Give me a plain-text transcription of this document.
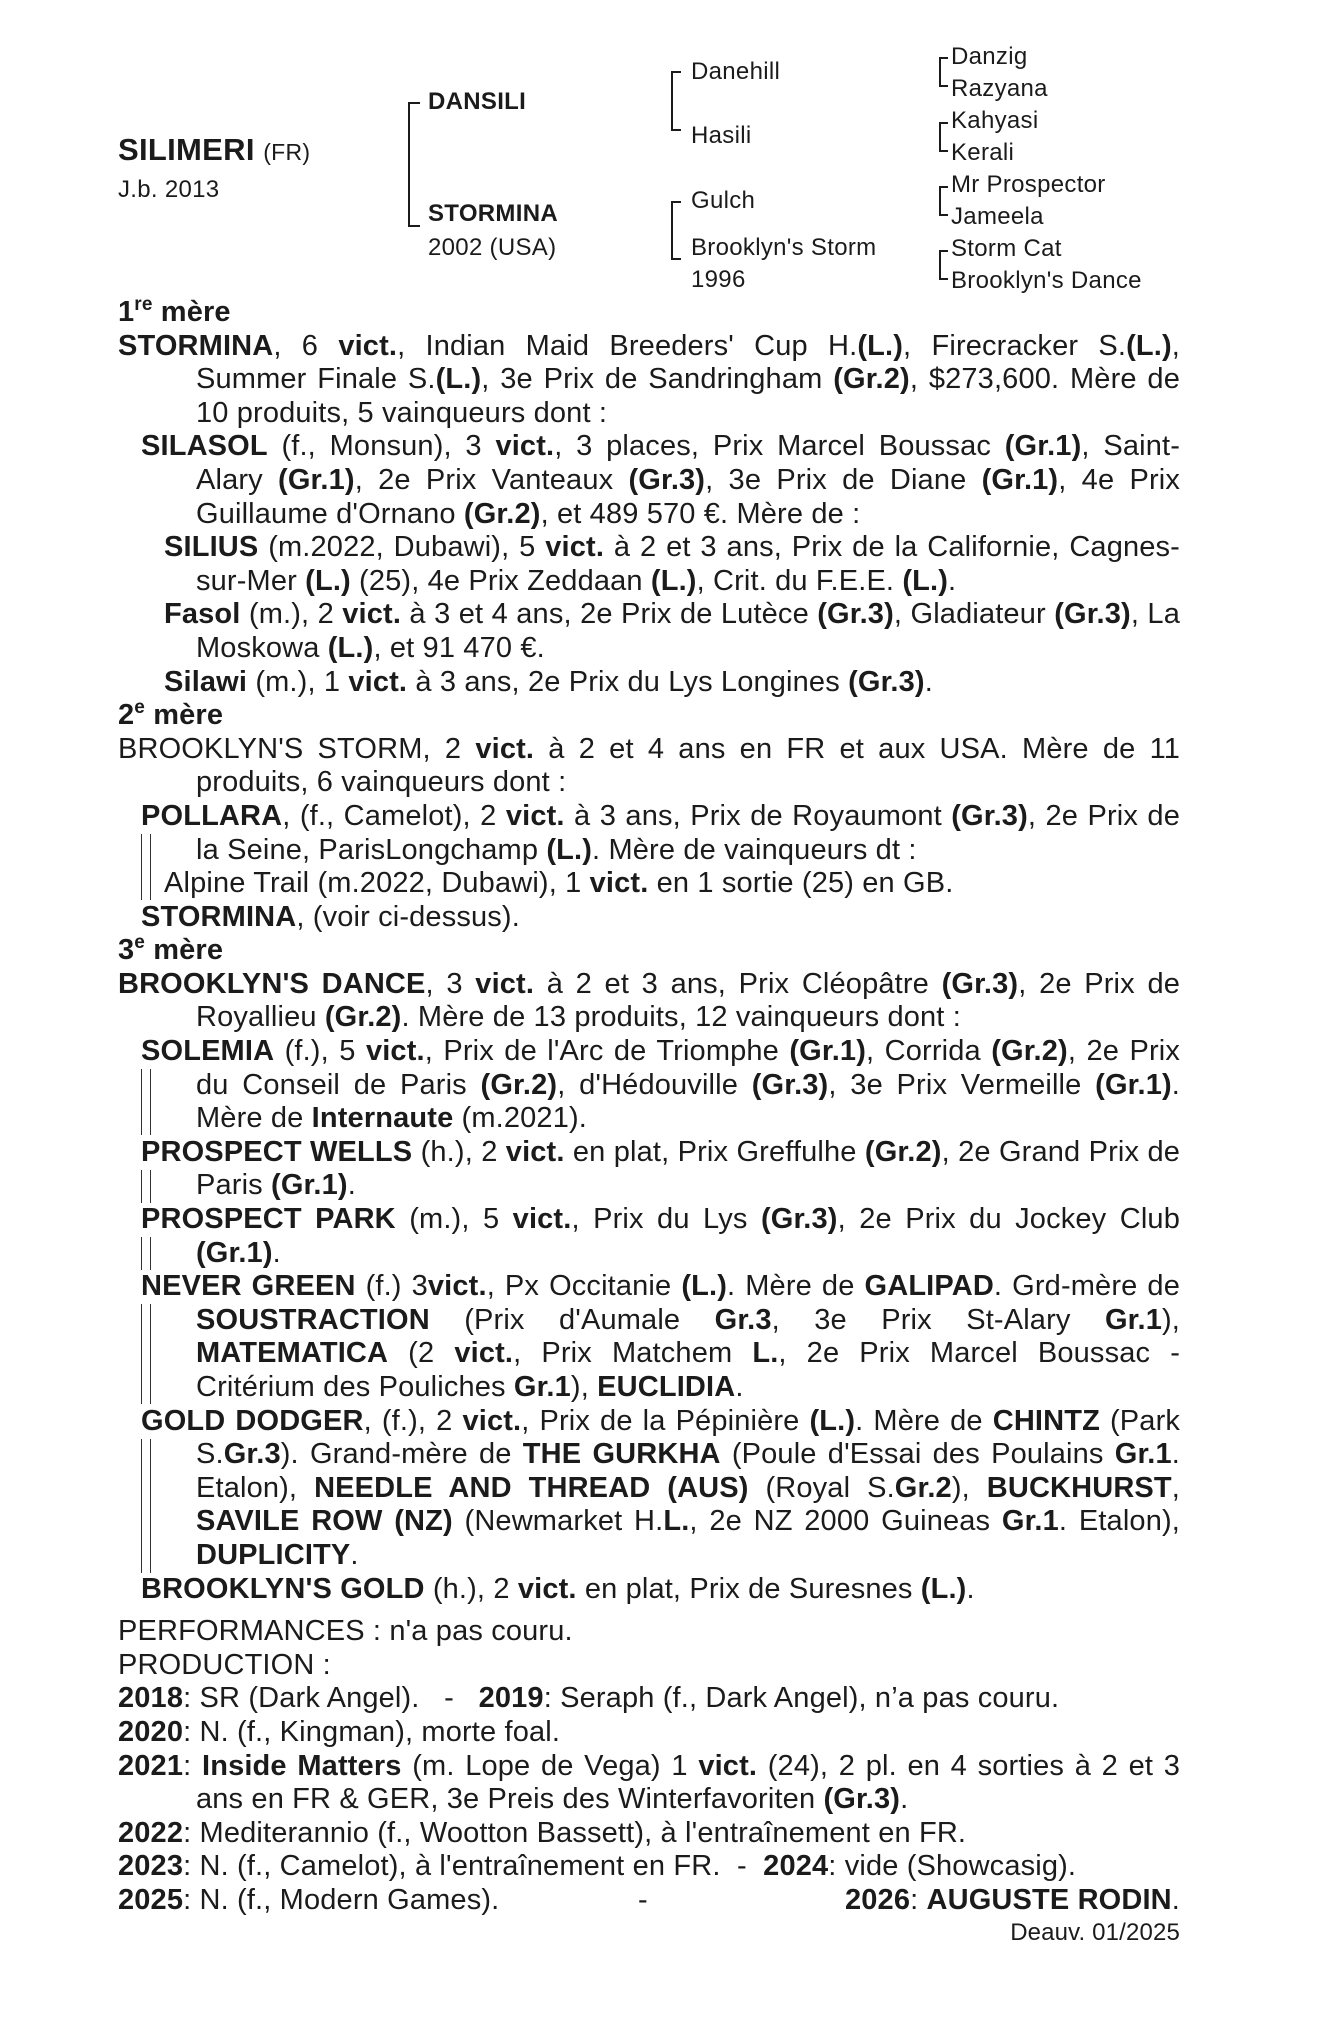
SILIMERI (FR)
J.b. 2013
DANSILI
STORMINA
2002 (USA)
Danehill
Hasili
Gulch
Brooklyn's Storm
1996
Danzig
Razyana
Kahyasi
Kerali
Mr Prospector
Jameela
Storm Cat
Brooklyn's Dance
1re mère
STORMINA, 6 vict., Indian Maid Breeders' Cup H.(L.), Firecracker S.(L.), Summer Finale S.(L.), 3e Prix de Sandringham (Gr.2), $273,600. Mère de 10 produits, 5 vainqueurs dont :
SILASOL (f., Monsun), 3 vict., 3 places, Prix Marcel Boussac (Gr.1), Saint-Alary (Gr.1), 2e Prix Vanteaux (Gr.3), 3e Prix de Diane (Gr.1), 4e Prix Guillaume d'Ornano (Gr.2), et 489 570 €. Mère de :
SILIUS (m.2022, Dubawi), 5 vict. à 2 et 3 ans, Prix de la Californie, Cagnes-sur-Mer (L.) (25), 4e Prix Zeddaan (L.), Crit. du F.E.E. (L.).
Fasol (m.), 2 vict. à 3 et 4 ans, 2e Prix de Lutèce (Gr.3), Gladiateur (Gr.3), La Moskowa (L.), et 91 470 €.
Silawi (m.), 1 vict. à 3 ans, 2e Prix du Lys Longines (Gr.3).
2e mère
BROOKLYN'S STORM, 2 vict. à 2 et 4 ans en FR et aux USA. Mère de 11 produits, 6 vainqueurs dont :
POLLARA, (f., Camelot), 2 vict. à 3 ans, Prix de Royaumont (Gr.3), 2e Prix de la Seine, ParisLongchamp (L.). Mère de vainqueurs dt :
Alpine Trail (m.2022, Dubawi), 1 vict. en 1 sortie (25) en GB.
STORMINA, (voir ci-dessus).
3e mère
BROOKLYN'S DANCE, 3 vict. à 2 et 3 ans, Prix Cléopâtre (Gr.3), 2e Prix de Royallieu (Gr.2). Mère de 13 produits, 12 vainqueurs dont :
SOLEMIA (f.), 5 vict., Prix de l'Arc de Triomphe (Gr.1), Corrida (Gr.2), 2e Prix du Conseil de Paris (Gr.2), d'Hédouville (Gr.3), 3e Prix Vermeille (Gr.1). Mère de Internaute (m.2021).
PROSPECT WELLS (h.), 2 vict. en plat, Prix Greffulhe (Gr.2), 2e Grand Prix de Paris (Gr.1).
PROSPECT PARK (m.), 5 vict., Prix du Lys (Gr.3), 2e Prix du Jockey Club (Gr.1).
NEVER GREEN (f.) 3vict., Px Occitanie (L.). Mère de GALIPAD. Grd-mère de SOUSTRACTION (Prix d'Aumale Gr.3, 3e Prix St-Alary Gr.1), MATEMATICA (2 vict., Prix Matchem L., 2e Prix Marcel Boussac - Critérium des Pouliches Gr.1), EUCLIDIA.
GOLD DODGER, (f.), 2 vict., Prix de la Pépinière (L.). Mère de CHINTZ (Park S.Gr.3). Grand-mère de THE GURKHA (Poule d'Essai des Poulains Gr.1. Etalon), NEEDLE AND THREAD (AUS) (Royal S.Gr.2), BUCKHURST, SAVILE ROW (NZ) (Newmarket H.L., 2e NZ 2000 Guineas Gr.1. Etalon), DUPLICITY.
BROOKLYN'S GOLD (h.), 2 vict. en plat, Prix de Suresnes (L.).
PERFORMANCES : n'a pas couru.
PRODUCTION :
2018: SR (Dark Angel).   -   2019: Seraph (f., Dark Angel), n’a pas couru.
2020: N. (f., Kingman), morte foal.
2021: Inside Matters (m. Lope de Vega) 1 vict. (24), 2 pl. en 4 sorties à 2 et 3 ans en FR & GER, 3e Preis des Winterfavoriten (Gr.3).
2022: Mediterannio (f., Wootton Bassett), à l'entraînement en FR.
2023: N. (f., Camelot), à l'entraînement en FR.  -  2024: vide (Showcasig).
2025: N. (f., Modern Games).	-	2026: AUGUSTE RODIN.
Deauv. 01/2025
